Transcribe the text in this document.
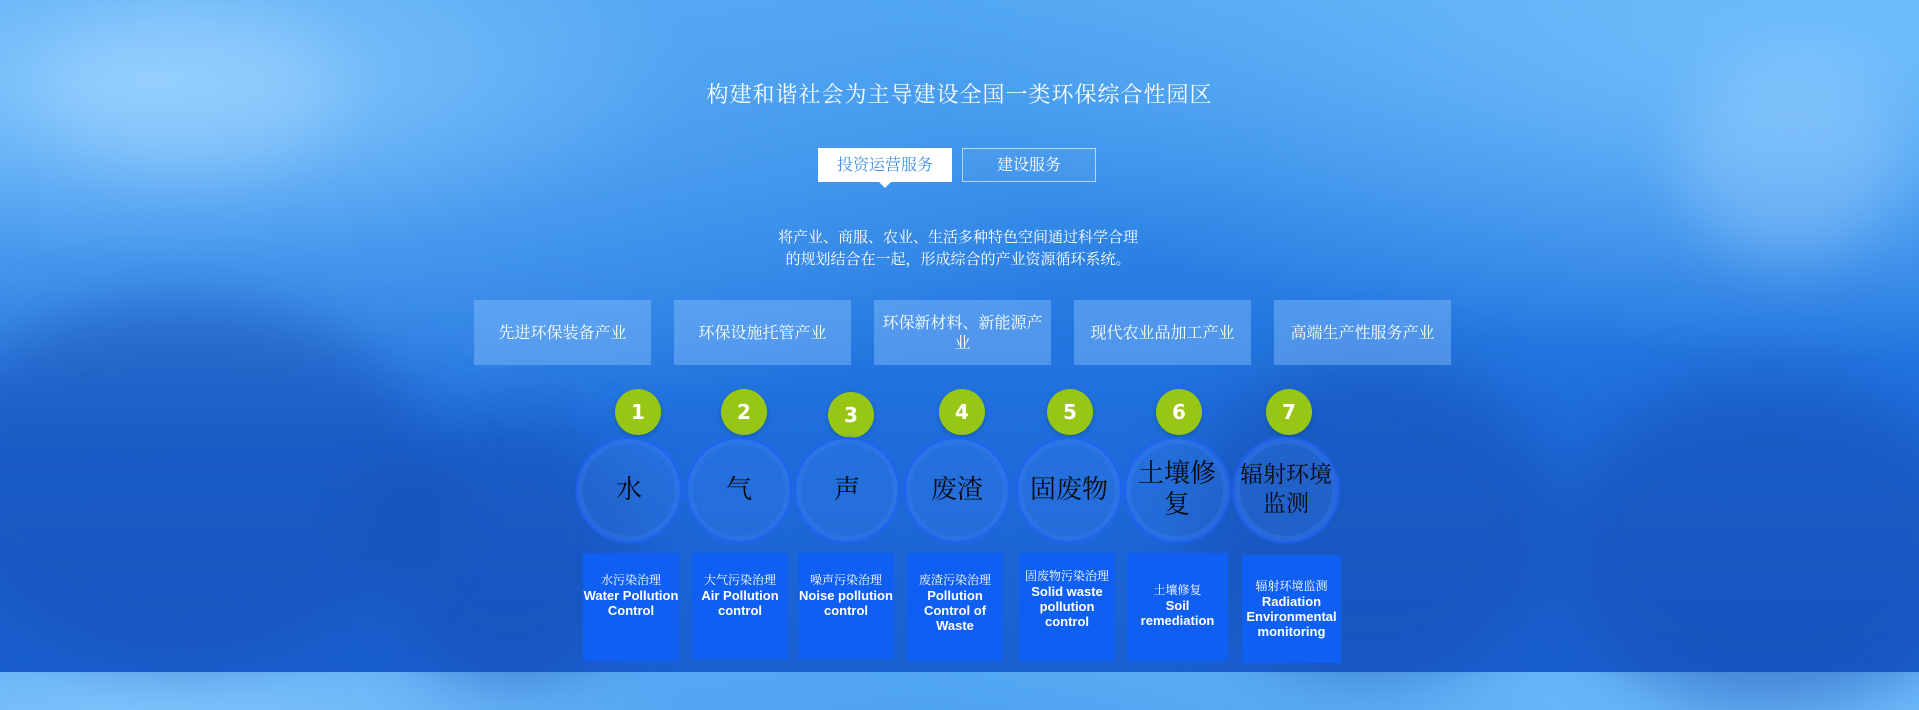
构建和谐社会为主导建设全国一类环保综合性园区
投资运营服务	建设服务
将产业、商服、农业、生活多种特色空间通过科学合理的规划结合在一起，形成综合的产业资源循环系统。
先进环保装备产业	环保设施托管产业
环保新材料、新能源产业
现代农业品加工产业	高端生产性服务产业
1
水
水污染治理
Water Pollution Control
2
气
大气污染治理
Air Pollution control
3
声
噪声污染治理
Noise pollution control
4
废渣
废渣污染治理
Pollution Control of Waste
5
固废物
固废物污染治理
Solid waste pollution control
6
土壤修复
土壤修复
Soil remediation
7
辐射环境监测
辐射环境监测
Radiation Environmental monitoring
